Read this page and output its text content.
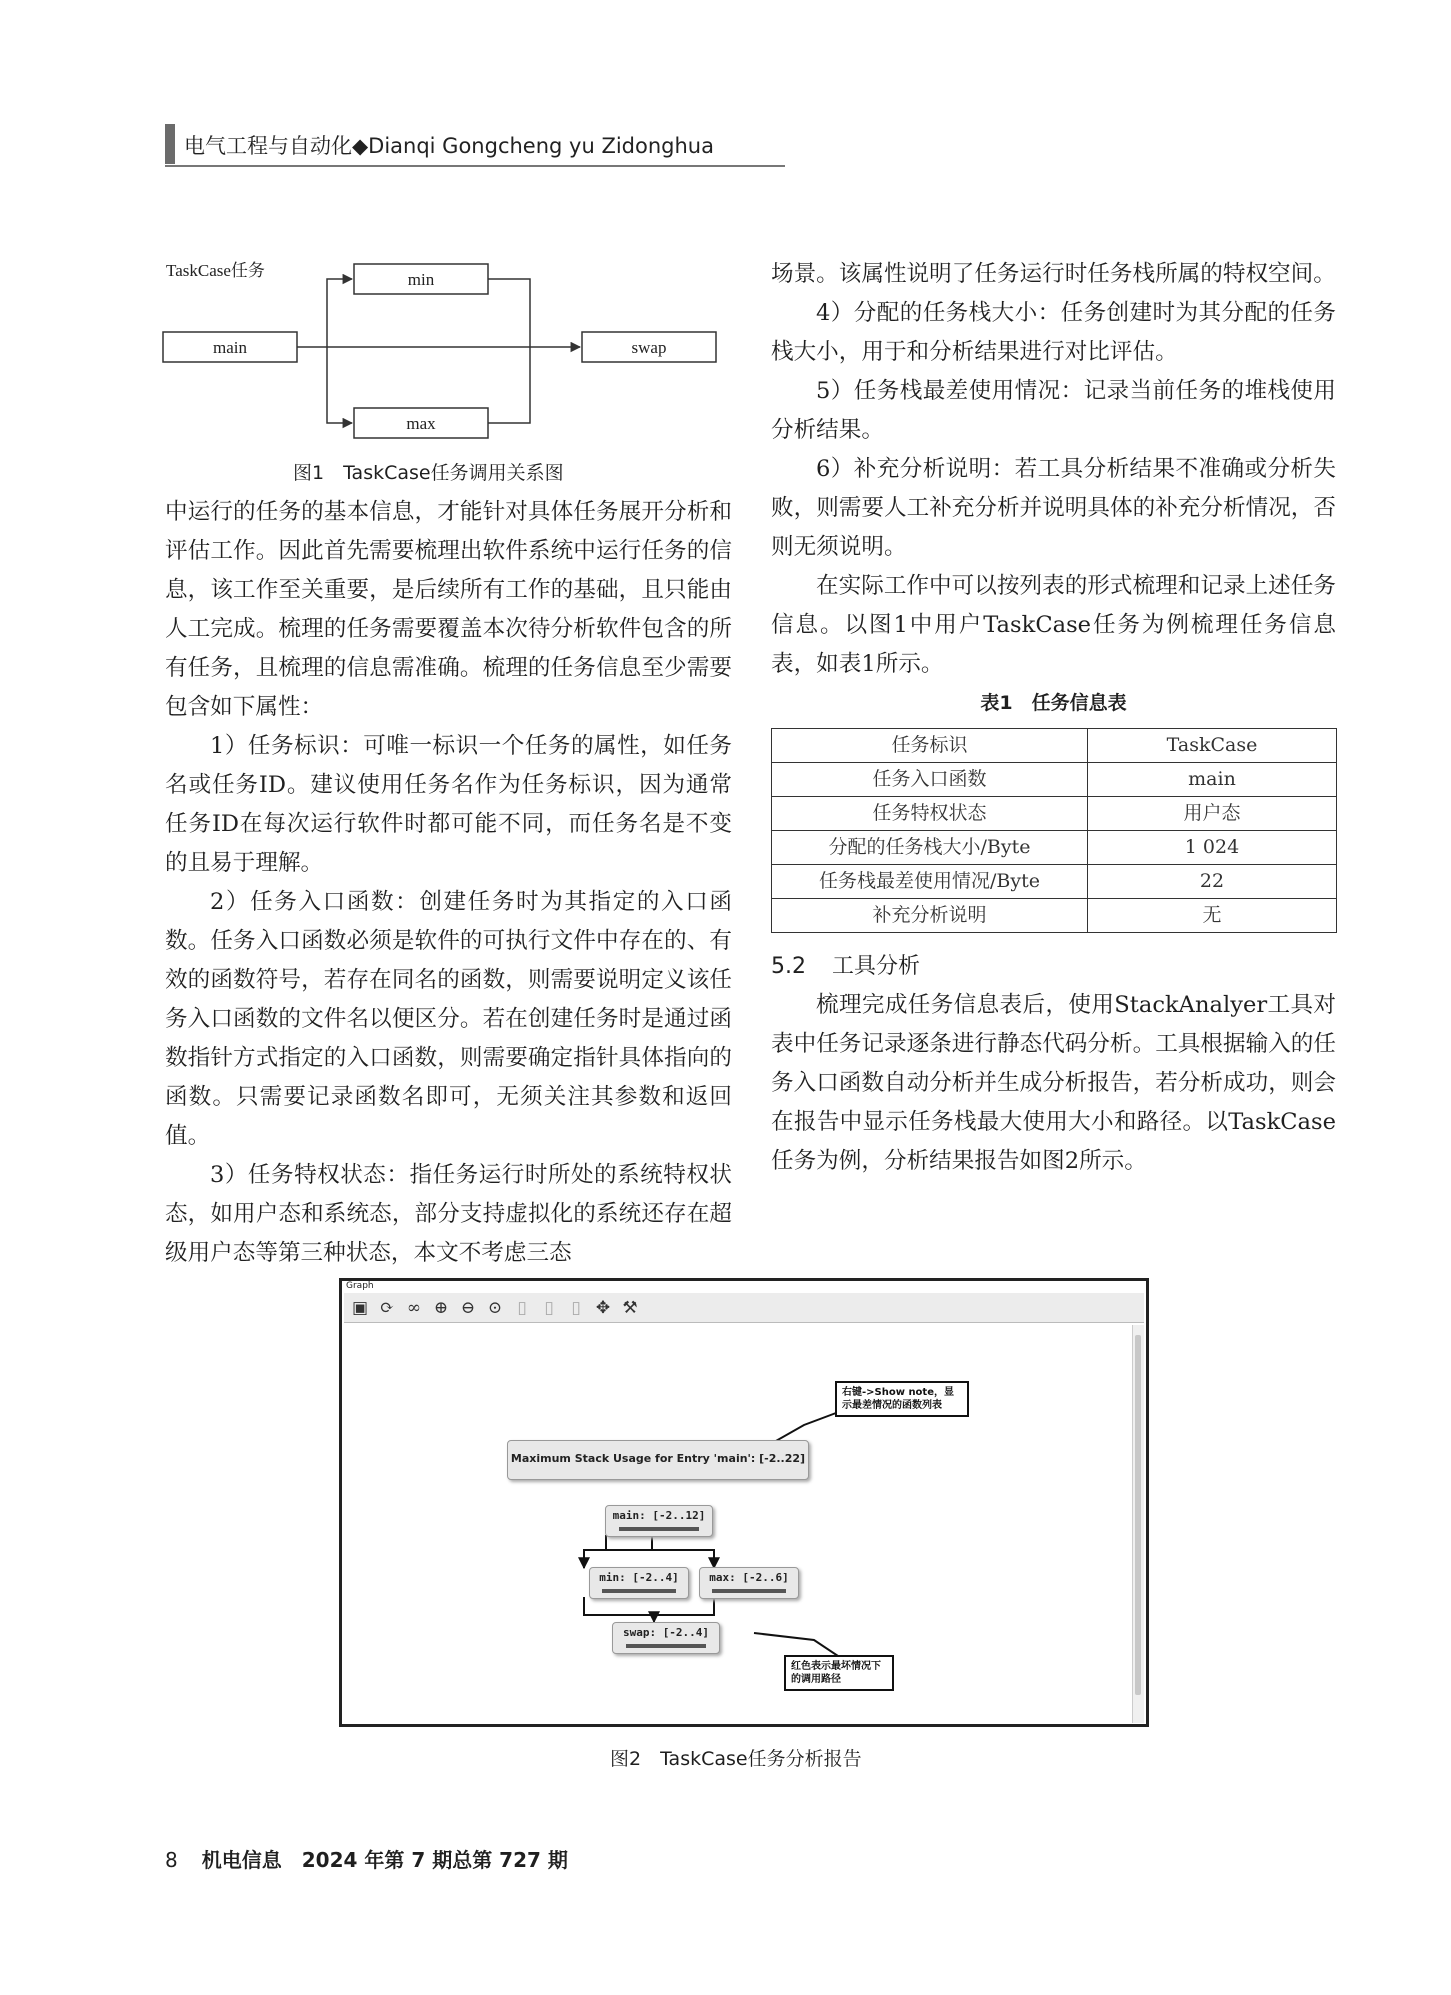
电气工程与自动化◆Dianqi Gongcheng yu Zidonghua
TaskCase任务	min
main	swap
max
图1　TaskCase任务调用关系图

中运行的任务的基本信息，才能针对具体任务展开分析和评估工作。因此首先需要梳理出软件系统中运行任务的信息，该工作至关重要，是后续所有工作的基础，且只能由人工完成。梳理的任务需要覆盖本次待分析软件包含的所有任务，且梳理的信息需准确。梳理的任务信息至少需要包含如下属性：

1）任务标识：可唯一标识一个任务的属性，如任务名或任务ID。建议使用任务名作为任务标识，因为通常任务ID在每次运行软件时都可能不同，而任务名是不变的且易于理解。

2）任务入口函数：创建任务时为其指定的入口函数。任务入口函数必须是软件的可执行文件中存在的、有效的函数符号，若存在同名的函数，则需要说明定义该任务入口函数的文件名以便区分。若在创建任务时是通过函数指针方式指定的入口函数，则需要确定指针具体指向的函数。只需要记录函数名即可，无须关注其参数和返回值。

3）任务特权状态：指任务运行时所处的系统特权状态，如用户态和系统态，部分支持虚拟化的系统还存在超级用户态等第三种状态，本文不考虑三态

场景。该属性说明了任务运行时任务栈所属的特权空间。

4）分配的任务栈大小：任务创建时为其分配的任务栈大小，用于和分析结果进行对比评估。

5）任务栈最差使用情况：记录当前任务的堆栈使用分析结果。

6）补充分析说明：若工具分析结果不准确或分析失败，则需要人工补充分析并说明具体的补充分析情况，否则无须说明。

在实际工作中可以按列表的形式梳理和记录上述任务信息。以图1中用户TaskCase任务为例梳理任务信息表，如表1所示。

表1　任务信息表
任务标识	TaskCase
任务入口函数	main
任务特权状态	用户态
分配的任务栈大小/Byte	1 024
任务栈最差使用情况/Byte	22
补充分析说明	无
5.2 工具分析

梳理完成任务信息表后，使用StackAnalyer工具对表中任务记录逐条进行静态代码分析。工具根据输入的任务入口函数自动分析并生成分析报告，若分析成功，则会在报告中显示任务栈最大使用大小和路径。以TaskCase任务为例，分析结果报告如图2所示。

Graph
▣ ⟳ ∞ ⊕ ⊖ ⊙ ▯	▯	▯ ✥ ⚒
Maximum Stack Usage for Entry 'main': [-2..22]
main: [-2..12]
min: [-2..4]	max: [-2..6]
swap: [-2..4]
右键->Show note，显示最差情况的函数列表
红色表示最坏情况下的调用路径
图2　TaskCase任务分析报告
8 机电信息　2024 年第 7 期总第 727 期
